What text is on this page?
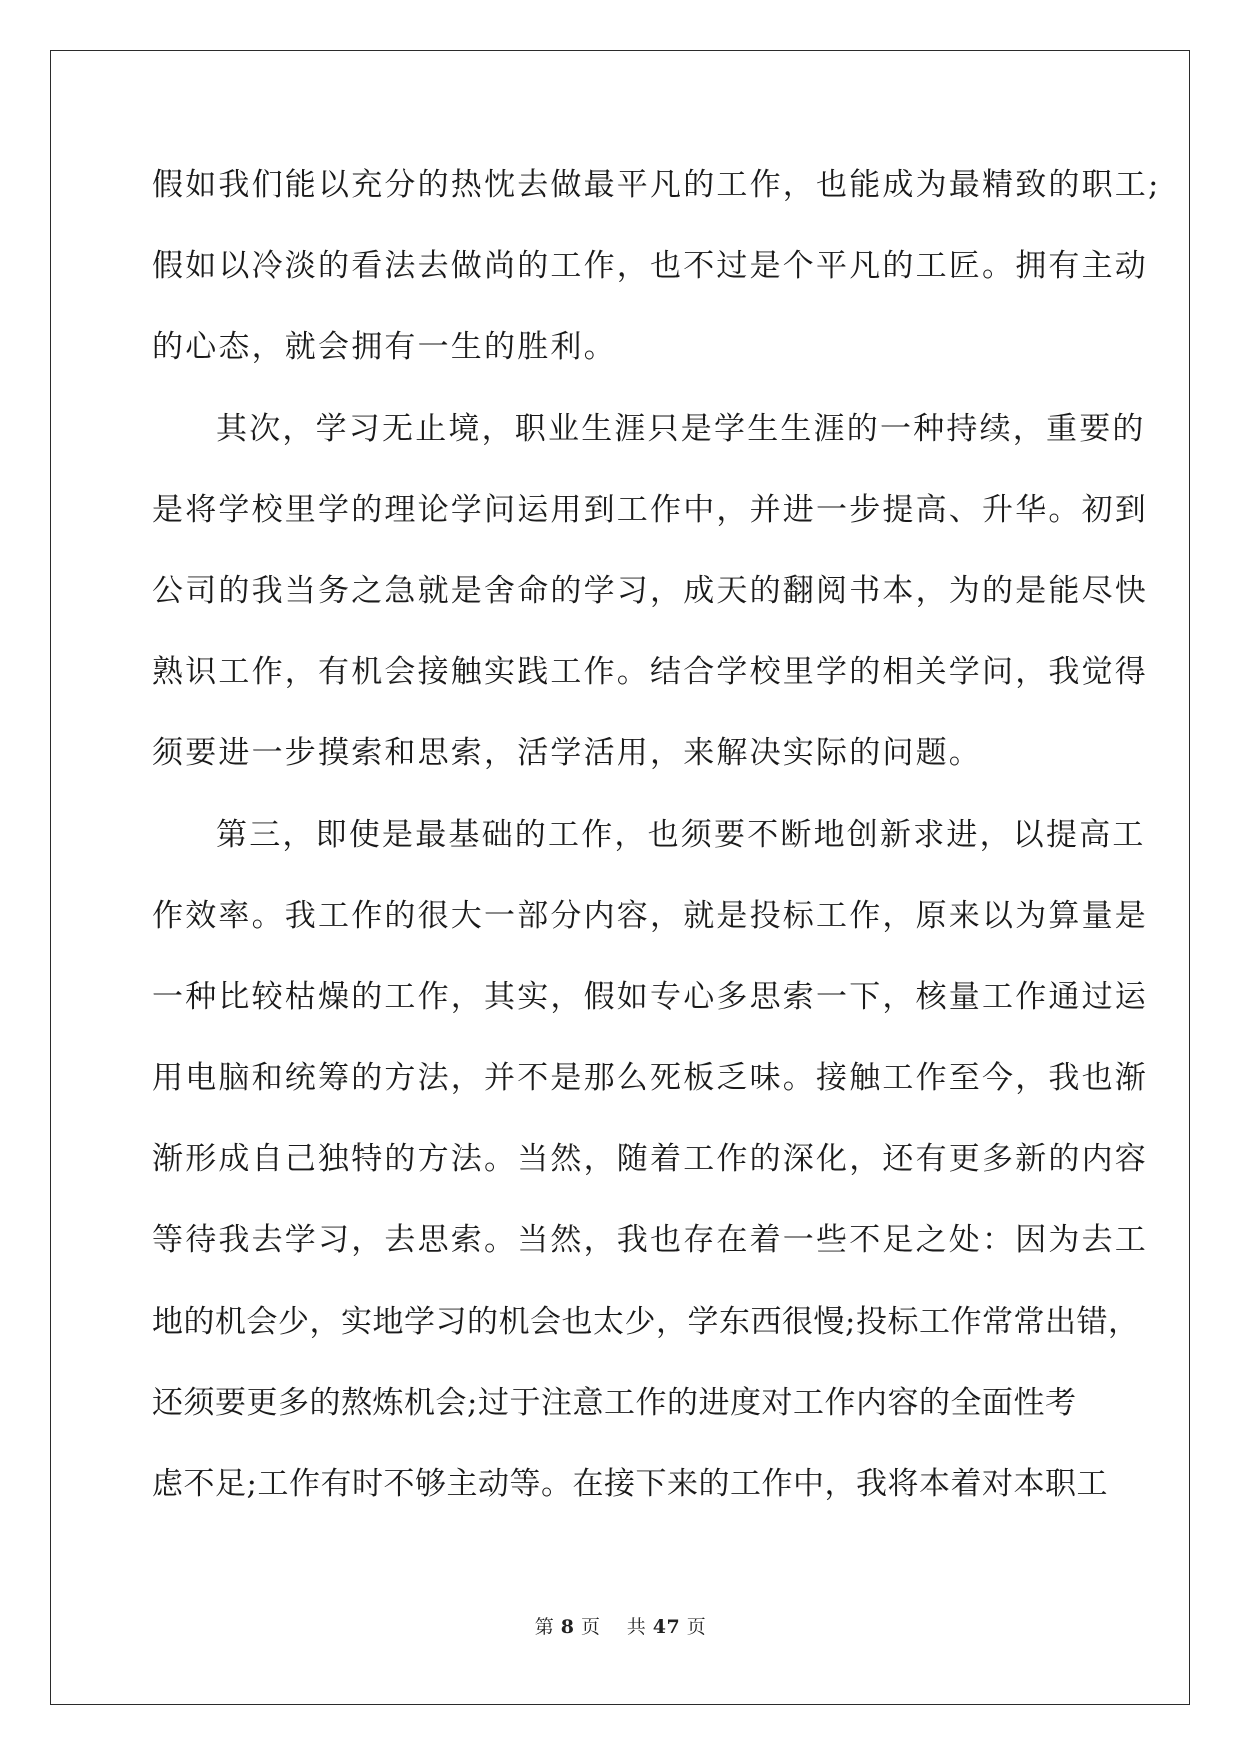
假如我们能以充分的热忱去做最平凡的工作，也能成为最精致的职工;
假如以冷淡的看法去做尚的工作，也不过是个平凡的工匠。拥有主动
的心态，就会拥有一生的胜利。
其次，学习无止境，职业生涯只是学生生涯的一种持续，重要的
是将学校里学的理论学问运用到工作中，并进一步提高、升华。初到
公司的我当务之急就是舍命的学习，成天的翻阅书本，为的是能尽快
熟识工作，有机会接触实践工作。结合学校里学的相关学问，我觉得
须要进一步摸索和思索，活学活用，来解决实际的问题。
第三，即使是最基础的工作，也须要不断地创新求进，以提高工
作效率。我工作的很大一部分内容，就是投标工作，原来以为算量是
一种比较枯燥的工作，其实，假如专心多思索一下，核量工作通过运
用电脑和统筹的方法，并不是那么死板乏味。接触工作至今，我也渐
渐形成自己独特的方法。当然，随着工作的深化，还有更多新的内容
等待我去学习，去思索。当然，我也存在着一些不足之处：因为去工
地的机会少，实地学习的机会也太少，学东西很慢;投标工作常常出错，
还须要更多的熬炼机会;过于注意工作的进度对工作内容的全面性考
虑不足;工作有时不够主动等。在接下来的工作中，我将本着对本职工
第 8 页 共 47 页
